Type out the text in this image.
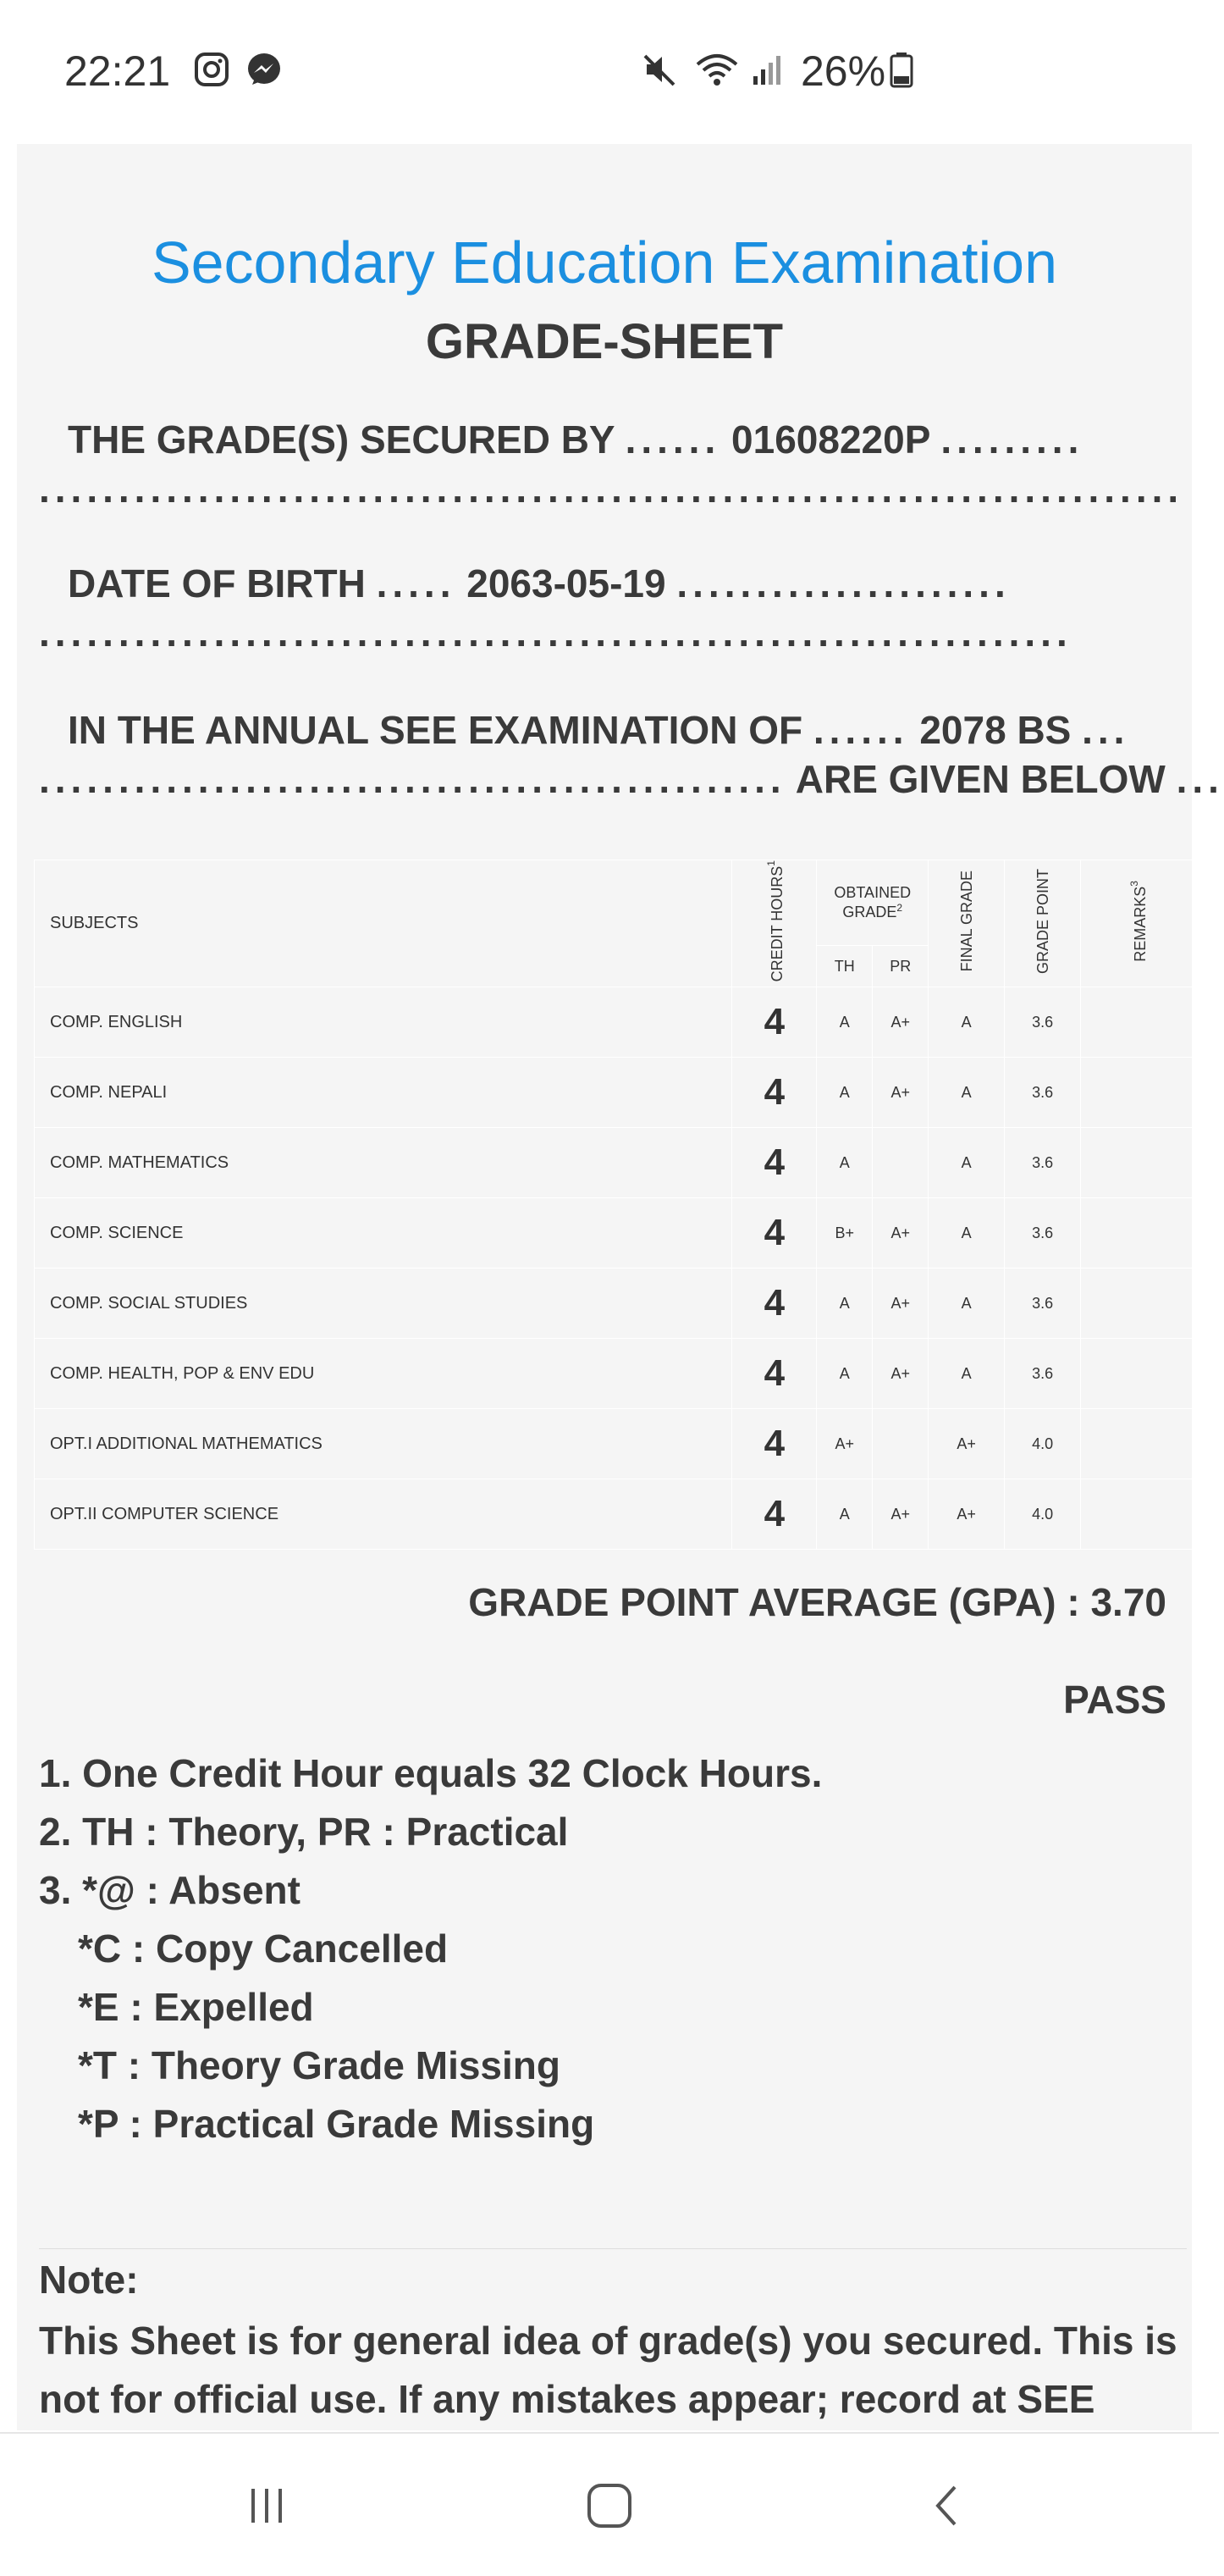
22:21	26%
Secondary Education Examination
GRADE-SHEET
THE GRADE(S) SECURED BY ...... 01608220P .........
........................................................................
DATE OF BIRTH ..... 2063-05-19 .....................
.................................................................
IN THE ANNUAL SEE EXAMINATION OF ...... 2078 BS ...
............................................... ARE GIVEN BELOW ...
SUBJECTS	CREDIT HOURS$^1$	OBTAINED GRADE$^2$		FINAL GRADE	GRADE POINT	REMARKS$^3$
		TH	PR			
COMP. ENGLISH	4	A	A+	A	3.6	
COMP. NEPALI	4	A	A+	A	3.6	
COMP. MATHEMATICS	4	A		A	3.6	
COMP. SCIENCE	4	B+	A+	A	3.6	
COMP. SOCIAL STUDIES	4	A	A+	A	3.6	
COMP. HEALTH, POP & ENV EDU	4	A	A+	A	3.6	
OPT.I ADDITIONAL MATHEMATICS	4	A+		A+	4.0	
OPT.II COMPUTER SCIENCE	4	A	A+	A+	4.0	
GRADE POINT AVERAGE (GPA) : 3.70
PASS
1. One Credit Hour equals 32 Clock Hours.
2. TH : Theory, PR : Practical
3. *@ : Absent
*C : Copy Cancelled
*E : Expelled
*T : Theory Grade Missing
*P : Practical Grade Missing
Note:
This Sheet is for general idea of grade(s) you secured. This is not for official use. If any mistakes appear; record at SEE
